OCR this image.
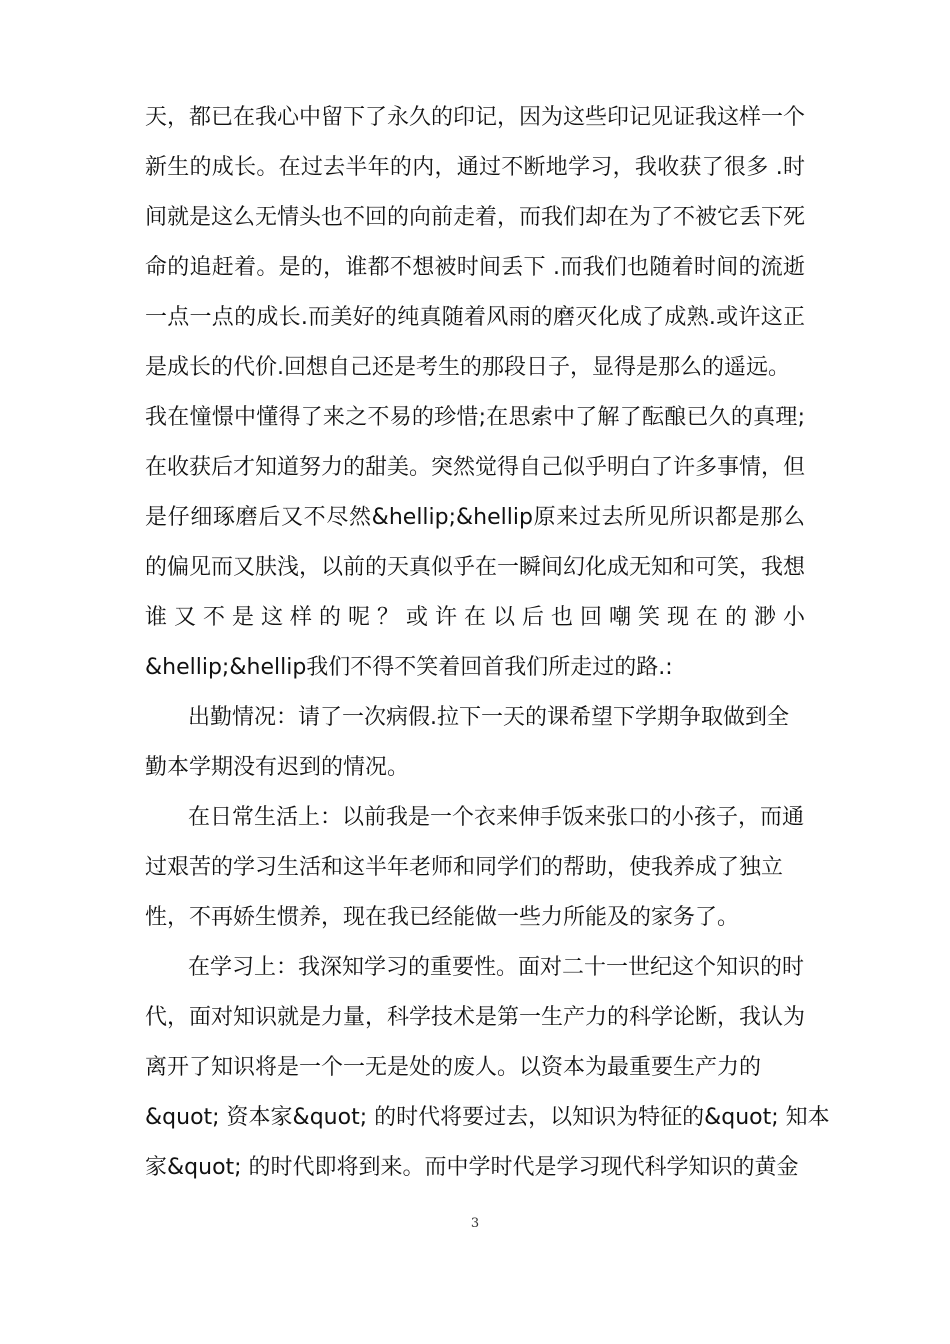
天，都已在我心中留下了永久的印记，因为这些印记见证我这样一个
新生的成长。在过去半年的内，通过不断地学习，我收获了很多 .时
间就是这么无情头也不回的向前走着，而我们却在为了不被它丢下死
命的追赶着。是的，谁都不想被时间丢下 .而我们也随着时间的流逝
一点一点的成长.而美好的纯真随着风雨的磨灭化成了成熟.或许这正
是成长的代价.回想自己还是考生的那段日子，显得是那么的遥远。
我在憧憬中懂得了来之不易的珍惜;在思索中了解了酝酿已久的真理;
在收获后才知道努力的甜美。突然觉得自己似乎明白了许多事情，但
是仔细琢磨后又不尽然&hellip;&hellip原来过去所见所识都是那么
的偏见而又肤浅，以前的天真似乎在一瞬间幻化成无知和可笑，我想
谁又不是这样的呢？或许在以后也回嘲笑现在的渺小
&hellip;&hellip我们不得不笑着回首我们所走过的路.:
出勤情况：请了一次病假.拉下一天的课希望下学期争取做到全
勤本学期没有迟到的情况。
在日常生活上：以前我是一个衣来伸手饭来张口的小孩子，而通
过艰苦的学习生活和这半年老师和同学们的帮助，使我养成了独立
性，不再娇生惯养，现在我已经能做一些力所能及的家务了。
在学习上：我深知学习的重要性。面对二十一世纪这个知识的时
代，面对知识就是力量，科学技术是第一生产力的科学论断，我认为
离开了知识将是一个一无是处的废人。以资本为最重要生产力的
&quot; 资本家&quot; 的时代将要过去，以知识为特征的&quot; 知本
家&quot; 的时代即将到来。而中学时代是学习现代科学知识的黄金
3
